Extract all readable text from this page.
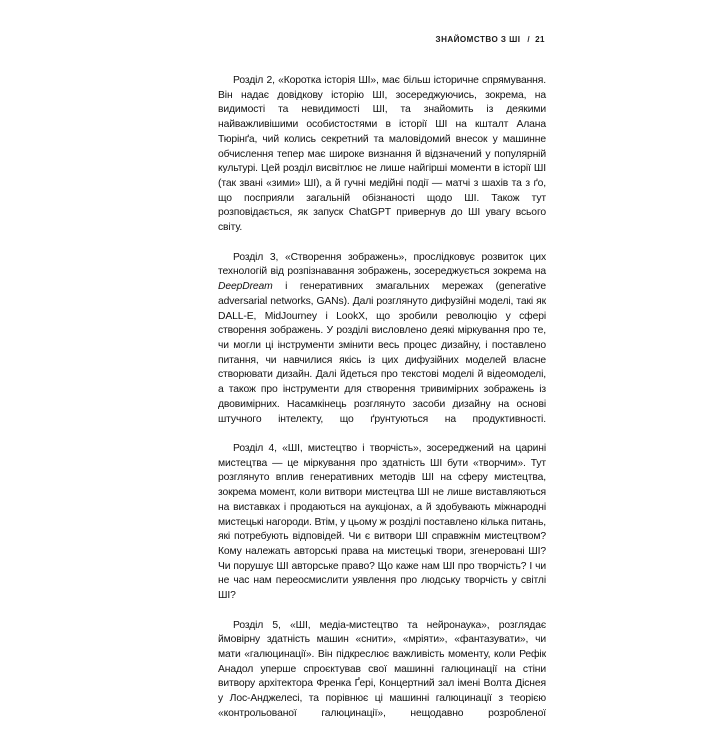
ЗНАЙОМСТВО З ШІ / 21

Розділ 2, «Коротка історія ШІ», має більш історичне спрямування. Він надає довідкову історію ШІ, зосереджуючись, зокрема, на видимості та невидимості ШІ, та знайомить із деякими найважливішими особистостями в історії ШІ на кшталт Алана Тюрінґа, чий колись секретний та маловідомий внесок у машинне обчислення тепер має широке визнання й відзначений у популярній культурі. Цей розділ висвітлює не лише найгірші моменти в історії ШІ (так звані «зими» ШІ), а й гучні медійні події — матчі з шахів та з ґо, що посприяли загальній обізнаності щодо ШІ. Також тут розповідається, як запуск ChatGPT привернув до ШІ увагу всього світу.

Розділ 3, «Створення зображень», прослідковує розвиток цих технологій від розпізнавання зображень, зосереджується зокрема на DeepDream і генеративних змагальних мережах (generative adversarial networks, GANs). Далі розглянуто дифузійні моделі, такі як DALL-E, MidJourney і LookX, що зробили революцію у сфері створення зображень. У розділі висловлено деякі міркування про те, чи могли ці інструменти змінити весь процес дизайну, і поставлено питання, чи навчилися якісь із цих дифузійних моделей власне створювати дизайн. Далі йдеться про текстові моделі й відеомоделі, а також про інструменти для створення тривимірних зображень із двовимірних. Насамкінець розглянуто засоби дизайну на основі штучного інтелекту, що ґрунтуються на продуктивності.

Розділ 4, «ШІ, мистецтво і творчість», зосереджений на царині мистецтва — це міркування про здатність ШІ бути «творчим». Тут розглянуто вплив генеративних методів ШІ на сферу мистецтва, зокрема момент, коли витвори мистецтва ШІ не лише виставляються на виставках і продаються на аукціонах, а й здобувають міжнародні мистецькі нагороди. Втім, у цьому ж розділі поставлено кілька питань, які потребують відповідей. Чи є витвори ШІ справжнім мистецтвом? Кому належать авторські права на мистецькі твори, згенеровані ШІ? Чи порушує ШІ авторське право? Що каже нам ШІ про творчість? І чи не час нам переосмислити уявлення про людську творчість у світлі ШІ?

Розділ 5, «ШІ, медіа-мистецтво та нейронаука», розглядає ймовірну здатність машин «снити», «мріяти», «фантазувати», чи мати «галюцинації». Він підкреслює важливість моменту, коли Рефік Анадол уперше спроєктував свої машинні галюцинації на стіни витвору архітектора Френка Ґері, Концертний зал імені Волта Діснея у Лос-Анджелесі, та порівнює ці машинні галюцинації з теорією «контрольованої галюцинації», нещодавно розробленої
